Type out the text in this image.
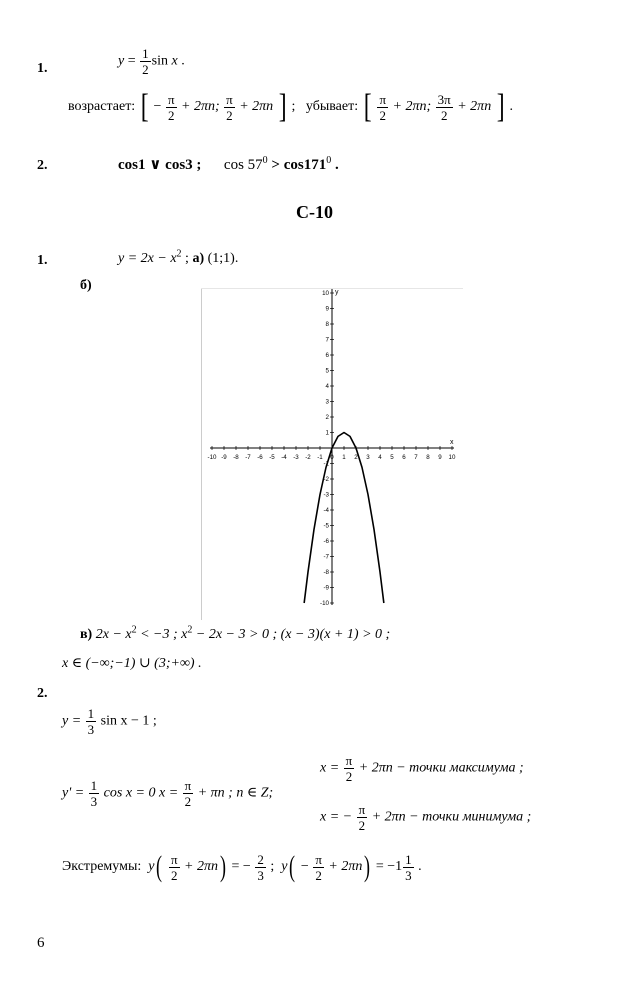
1.	$y = \frac{1}{2}$ sin x .
возрастает: [ − $\frac{\pi}{2} + 2\pi n$; $\frac{\pi}{2} + 2\pi n$ ] ; убывает: [ $\frac{\pi}{2} + 2\pi n$; $\frac{3\pi}{2} + 2\pi n$ ] .
2.	cos1 ∨ cos3 ; $\cos 57^0 > \cos 171^0$ .
С-10
1.	$y = 2x - x^2$ ; а) (1;1).
б)
x
y
-10 -9 -8 -7 -6 -5 -4 -3 -2 -1 0 1 2 3 4 5 6 7 8 9 10
10
9
8
7
6
5
4
3
2
1
-1
-2
-3
-4
-5
-6
-7
-8
-9
-10
в) $2x - x^2 < -3$ ; $x^2 - 2x - 3 > 0$ ; (x − 3)(x + 1) > 0 ;
x ∈ (−∞;−1) ∪ (3;+∞) .
2.
$y = \frac{1}{3}$ sin x − 1 ;
$x = \frac{\pi}{2} + 2\pi n$ − точки максимума ;
$y' = \frac{1}{3}$ cos x = 0 $x = \frac{\pi}{2} + \pi n$ ; n ∈ Z;
x = − $\frac{\pi}{2} + 2\pi n$ − точки минимума ;
Экстремумы: $y( \frac{\pi}{2} + 2\pi n)$ = − $\frac{2}{3}$ ; $y( - \frac{\pi}{2} + 2\pi n) = -1 \frac{1}{3}$ .
6
